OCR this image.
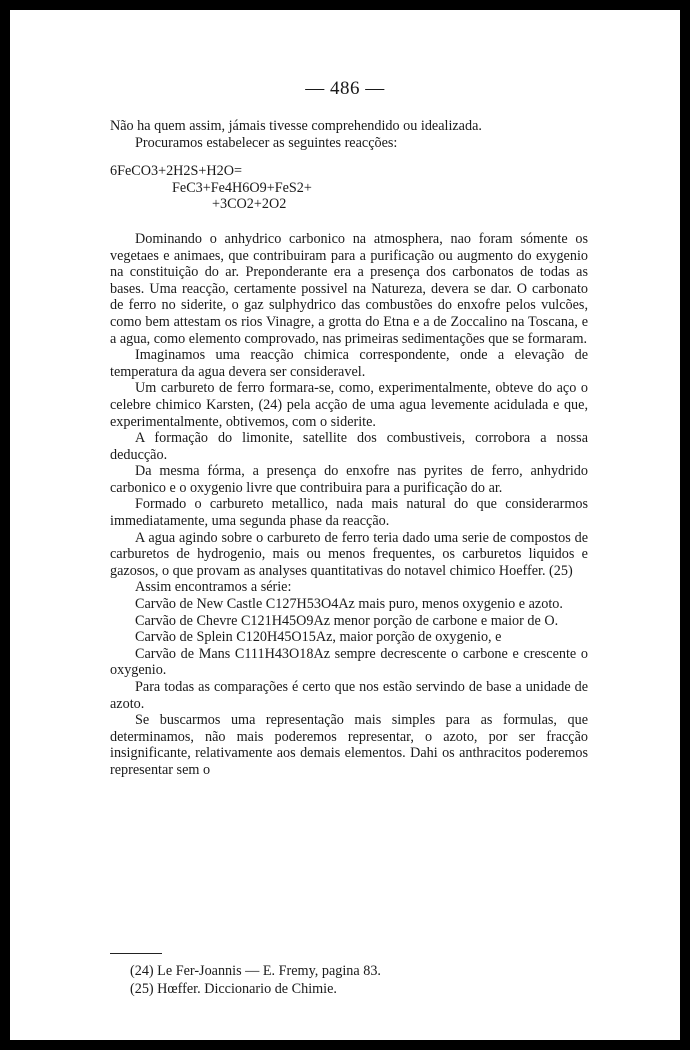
— 486 —

Não ha quem assim, jámais tivesse comprehendido ou idealizada.

Procuramos estabelecer as seguintes reacções:

6FeCO3+2H2S+H2O=
FeC3+Fe4H6O9+FeS2+
+3CO2+2O2

Dominando o anhydrico carbonico na atmosphera, nao foram sómente os vegetaes e animaes, que contribuiram para a purificação ou augmento do exygenio na constituição do ar. Preponderante era a presença dos carbonatos de todas as bases. Uma reacção, certamente possivel na Natureza, devera se dar. O carbonato de ferro no siderite, o gaz sulphydrico das combustões do enxofre pelos vulcões, como bem attestam os rios Vinagre, a grotta do Etna e a de Zoccalino na Toscana, e a agua, como elemento comprovado, nas primeiras sedimentações que se formaram.

Imaginamos uma reacção chimica correspondente, onde a elevação de temperatura da agua devera ser consideravel.

Um carbureto de ferro formara-se, como, experimentalmente, obteve do aço o celebre chimico Karsten, (24) pela acção de uma agua levemente acidulada e que, experimentalmente, obtivemos, com o siderite.

A formação do limonite, satellite dos combustiveis, corrobora a nossa deducção.

Da mesma fórma, a presença do enxofre nas pyrites de ferro, anhydrido carbonico e o oxygenio livre que contribuira para a purificação do ar.

Formado o carbureto metallico, nada mais natural do que considerarmos immediatamente, uma segunda phase da reacção.

A agua agindo sobre o carbureto de ferro teria dado uma serie de compostos de carburetos de hydrogenio, mais ou menos frequentes, os carburetos liquidos e gazosos, o que provam as analyses quantitativas do notavel chimico Hoeffer. (25)

Assim encontramos a série:

Carvão de New Castle C127H53O4Az mais puro, menos oxygenio e azoto.

Carvão de Chevre C121H45O9Az menor porção de carbone e maior de O.

Carvão de Splein C120H45O15Az, maior porção de oxygenio, e

Carvão de Mans C111H43O18Az sempre decrescente o carbone e crescente o oxygenio.

Para todas as comparações é certo que nos estão servindo de base a unidade de azoto.

Se buscarmos uma representação mais simples para as formulas, que determinamos, não mais poderemos representar, o azoto, por ser fracção insignificante, relativamente aos demais elementos. Dahi os anthracitos poderemos representar sem o

(24) Le Fer-Joannis — E. Fremy, pagina 83.
(25) Hœffer. Diccionario de Chimie.
